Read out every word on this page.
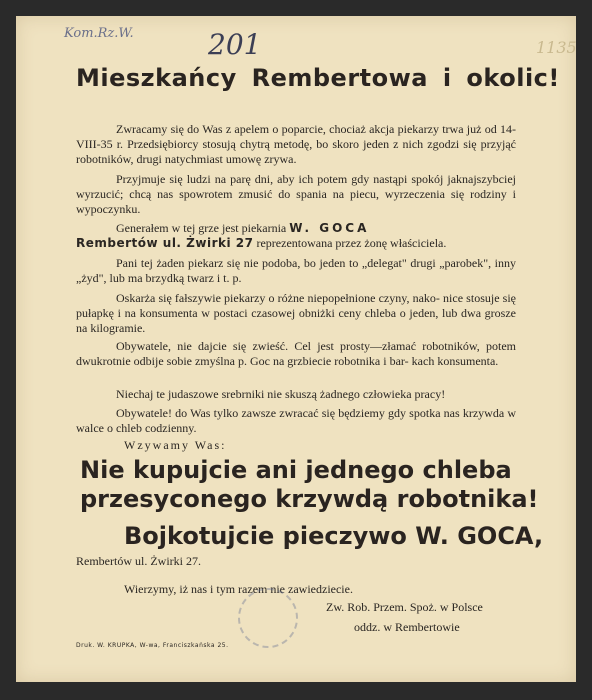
Kom.Rz.W.	201	1135
Mieszkańcy Rembertowa i okolic!
Zwracamy się do Was z apelem o poparcie, chociaż akcja piekarzy trwa już od 14-VIII-35 r. Przedsiębiorcy stosują chytrą metodę, bo skoro jeden z nich zgodzi się przyjąć robotników, drugi natychmiast umowę zrywa.
Przyjmuje się ludzi na parę dni, aby ich potem gdy nastąpi spokój jaknajszybciej wyrzucić; chcą nas spowrotem zmusić do spania na piecu, wyrzeczenia się rodziny i wypoczynku.
Generałem w tej grze jest piekarnia W. GOCA
Rembertów ul. Żwirki 27 reprezentowana przez żonę właściciela.
Pani tej żaden piekarz się nie podoba, bo jeden to „delegat" drugi „parobek", inny „żyd", lub ma brzydką twarz i t. p.
Oskarża się fałszywie piekarzy o różne niepopełnione czyny, nako- nice stosuje się pułapkę i na konsumenta w postaci czasowej obniżki ceny chleba o jeden, lub dwa grosze na kilogramie.
Obywatele, nie dajcie się zwieść. Cel jest prosty—złamać robotników, potem dwukrotnie odbije sobie zmyślna p. Goc na grzbiecie robotnika i bar- kach konsumenta.
Niechaj te judaszowe srebrniki nie skuszą żadnego człowieka pracy!
Obywatele! do Was tylko zawsze zwracać się będziemy gdy spotka nas krzywda w walce o chleb codzienny.
Wzywamy Was:
Nie kupujcie ani jednego chleba
przesyconego krzywdą robotnika!
Bojkotujcie pieczywo W. GOCA,
Rembertów ul. Żwirki 27.
Wierzymy, iż nas i tym razem nie zawiedziecie.
Zw. Rob. Przem. Spoż. w Polsce
oddz. w Rembertowie
Druk. W. KRUPKA, W-wa, Franciszkańska 25.
